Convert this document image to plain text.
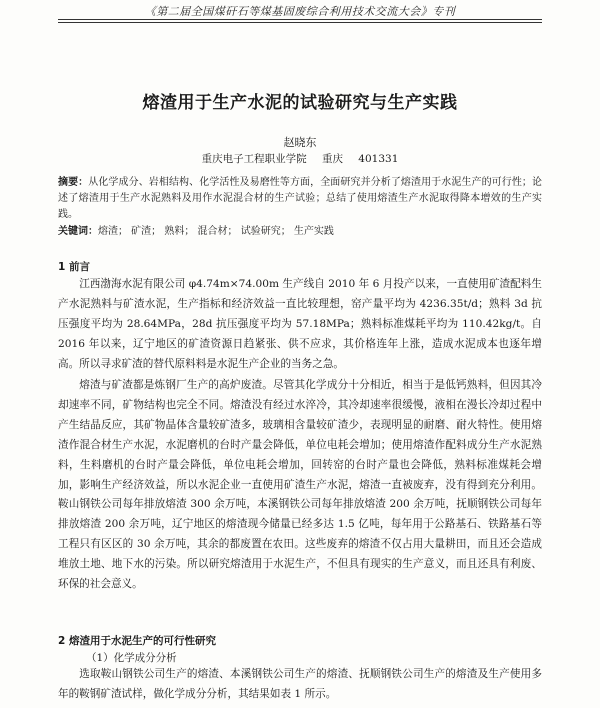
《第二届全国煤矸石等煤基固废综合利用技术交流大会》专刊
熔渣用于生产水泥的试验研究与生产实践
赵晓东
重庆电子工程职业学院 重庆 401331
摘要：从化学成分、岩相结构、化学活性及易磨性等方面，全面研究并分析了熔渣用于水泥生产的可行性；论述了熔渣用于生产水泥熟料及用作水泥混合材的生产试验；总结了使用熔渣生产水泥取得降本增效的生产实践。
关键词：熔渣； 矿渣； 熟料； 混合材； 试验研究； 生产实践
1 前言
江西渤海水泥有限公司 φ4.74m×74.00m 生产线自 2010 年 6 月投产以来，一直使用矿渣配料生产水泥熟料与矿渣水泥，生产指标和经济效益一直比较理想，窑产量平均为 4236.35t/d；熟料 3d 抗压强度平均为 28.64MPa，28d 抗压强度平均为 57.18MPa；熟料标准煤耗平均为 110.42kg/t。自 2016 年以来，辽宁地区的矿渣资源日趋紧张、供不应求，其价格连年上涨，造成水泥成本也逐年增高。所以寻求矿渣的替代原料料是水泥生产企业的当务之急。
熔渣与矿渣都是炼钢厂生产的高炉废渣。尽管其化学成分十分相近，相当于是低钙熟料，但因其冷却速率不同，矿物结构也完全不同。熔渣没有经过水淬冷，其冷却速率很缓慢，液相在漫长冷却过程中产生结晶反应，其矿物晶体含量较矿渣多，玻璃相含量较矿渣少，表现明显的耐磨、耐火特性。使用熔渣作混合材生产水泥，水泥磨机的台时产量会降低，单位电耗会增加；使用熔渣作配料成分生产水泥熟料，生料磨机的台时产量会降低，单位电耗会增加，回转窑的台时产量也会降低，熟料标准煤耗会增加，影响生产经济效益，所以水泥企业一直使用矿渣生产水泥，熔渣一直被废弃，没有得到充分利用。鞍山钢铁公司每年排放熔渣 300 余万吨，本溪钢铁公司每年排放熔渣 200 余万吨，抚顺钢铁公司每年排放熔渣 200 余万吨，辽宁地区的熔渣现今储量已经多达 1.5 亿吨，每年用于公路基石、铁路基石等工程只有区区的 30 余万吨，其余的都废置在农田。这些废弃的熔渣不仅占用大量耕田，而且还会造成堆放土地、地下水的污染。所以研究熔渣用于水泥生产，不但具有现实的生产意义，而且还具有利废、环保的社会意义。
2 熔渣用于水泥生产的可行性研究
（1）化学成分分析
选取鞍山钢铁公司生产的熔渣、本溪钢铁公司生产的熔渣、抚顺钢铁公司生产的熔渣及生产使用多年的鞍钢矿渣试样，做化学成分分析，其结果如表 1 所示。
